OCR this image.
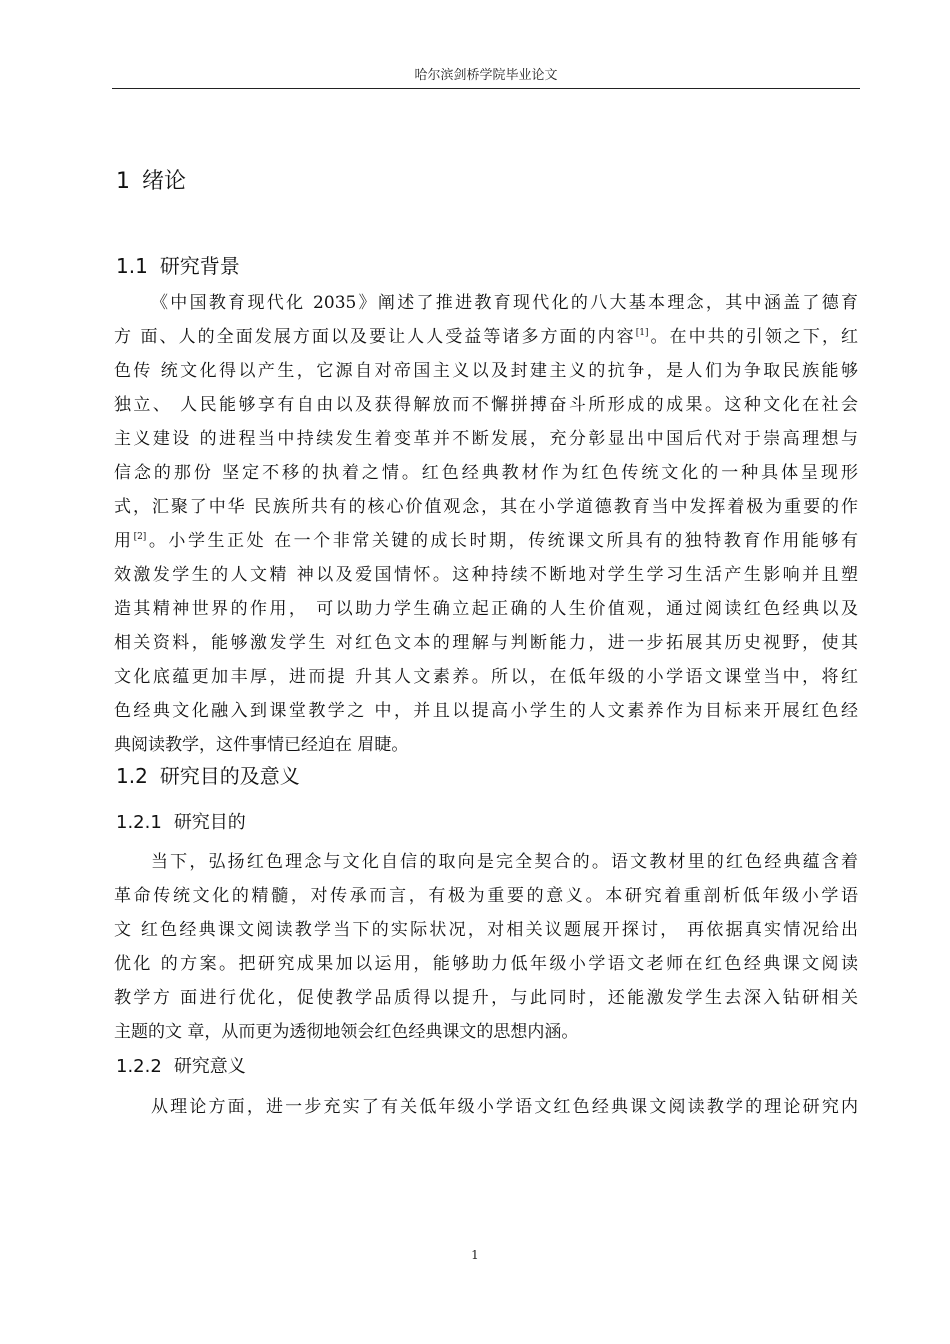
哈尔滨剑桥学院毕业论文
1 绪论
1.1 研究背景
《中国教育现代化 2035》阐述了推进教育现代化的八大基本理念，其中涵盖了德育
方 面、人的全面发展方面以及要让人人受益等诸多方面的内容[1]。在中共的引领之下，红
色传 统文化得以产生，它源自对帝国主义以及封建主义的抗争，是人们为争取民族能够
独立、 人民能够享有自由以及获得解放而不懈拼搏奋斗所形成的成果。这种文化在社会
主义建设 的进程当中持续发生着变革并不断发展，充分彰显出中国后代对于崇高理想与
信念的那份 坚定不移的执着之情。红色经典教材作为红色传统文化的一种具体呈现形
式，汇聚了中华 民族所共有的核心价值观念，其在小学道德教育当中发挥着极为重要的作
用[2]。小学生正处 在一个非常关键的成长时期，传统课文所具有的独特教育作用能够有
效激发学生的人文精 神以及爱国情怀。这种持续不断地对学生学习生活产生影响并且塑
造其精神世界的作用， 可以助力学生确立起正确的人生价值观，通过阅读红色经典以及
相关资料，能够激发学生 对红色文本的理解与判断能力，进一步拓展其历史视野，使其
文化底蕴更加丰厚，进而提 升其人文素养。所以，在低年级的小学语文课堂当中，将红
色经典文化融入到课堂教学之 中，并且以提高小学生的人文素养作为目标来开展红色经
典阅读教学，这件事情已经迫在 眉睫。
1.2 研究目的及意义
1.2.1 研究目的
当下，弘扬红色理念与文化自信的取向是完全契合的。语文教材里的红色经典蕴含着
革命传统文化的精髓，对传承而言，有极为重要的意义。本研究着重剖析低年级小学语
文 红色经典课文阅读教学当下的实际状况，对相关议题展开探讨， 再依据真实情况给出
优化 的方案。把研究成果加以运用，能够助力低年级小学语文老师在红色经典课文阅读
教学方 面进行优化，促使教学品质得以提升，与此同时，还能激发学生去深入钻研相关
主题的文 章，从而更为透彻地领会红色经典课文的思想内涵。
1.2.2 研究意义
从理论方面，进一步充实了有关低年级小学语文红色经典课文阅读教学的理论研究内
1
